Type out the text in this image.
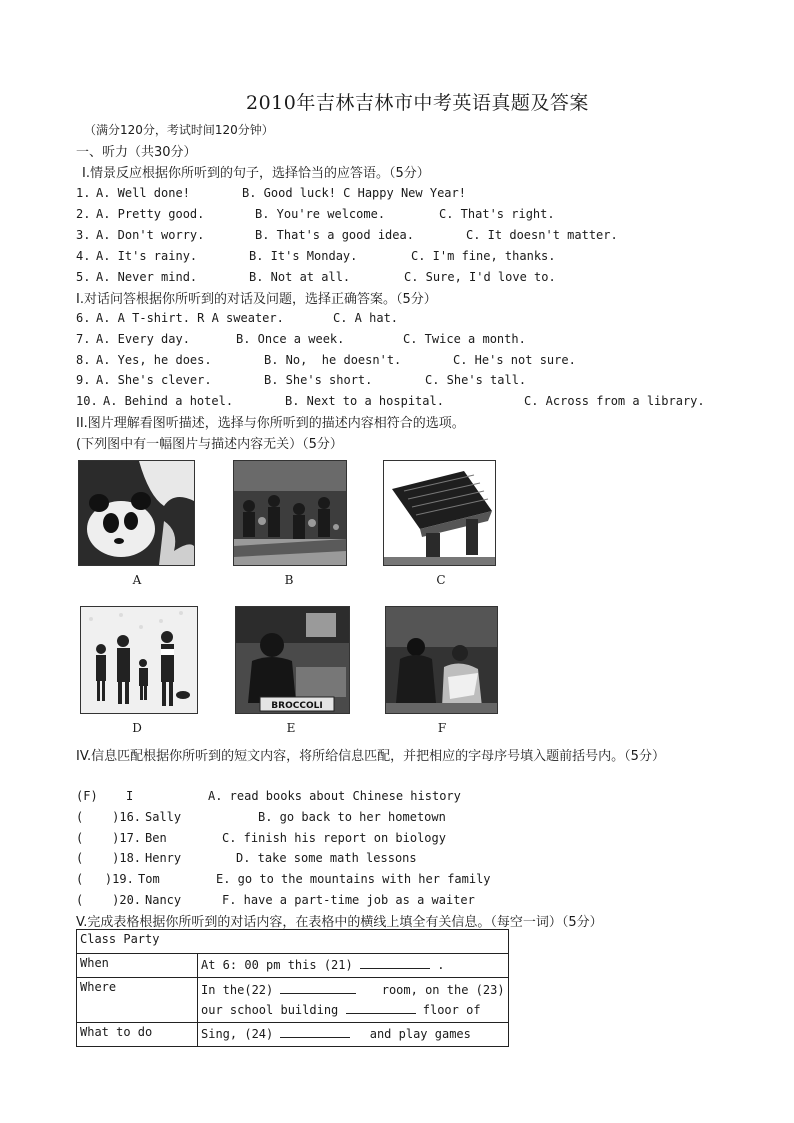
2010年吉林吉林市中考英语真题及答案
（满分120分，考试时间120分钟）
一、听力（共30分）
I.情景反应根据你所听到的句子，选择恰当的应答语。（5分）
1. A. Well done!	B. Good luck! C Happy New Year!
2. A. Pretty good.	B. You're welcome.	C. That's right.
3. A. Don't worry.	B. That's a good idea.	C. It doesn't matter.
4. A. It's rainy.	B. It's Monday.	C. I'm fine, thanks.
5. A. Never mind.	B. Not at all.	C. Sure, I'd love to.
I.对话问答根据你所听到的对话及问题，选择正确答案。（5分）
6. A. A T-shirt. R A sweater.	C. A hat.
7. A. Every day.	B. Once a week.	C. Twice a month.
8. A. Yes, he does.	B. No,  he doesn't.	C. He's not sure.
9. A. She's clever.	B. She's short.	C. She's tall.
10. A. Behind a hotel.	B. Next to a hospital.	C. Across from a library.
II.图片理解看图听描述，选择与你所听到的描述内容相符合的选项。
(下列图中有一幅图片与描述内容无关）（5分）
A	B	C
BROCCOLI
D	E	F
IV.信息匹配根据你所听到的短文内容，将所给信息匹配，并把相应的字母序号填入题前括号内。（5分）
(F) I	A. read books about Chinese history
(    )16. Sally	B. go back to her hometown
(    )17. Ben	C. finish his report on biology
(    )18. Henry	D. take some math lessons
(   )19. Tom	E. go to the mountains with her family
(    )20. Nancy	F. have a part-time job as a waiter
V.完成表格根据你所听到的对话内容，在表格中的横线上填全有关信息。（每空一词）（5分）
Class Party	
When	At 6: 00 pm this (21) .
Where	In the(22) room, on the (23)
our school building floor of
What to do	Sing, (24) and play games
